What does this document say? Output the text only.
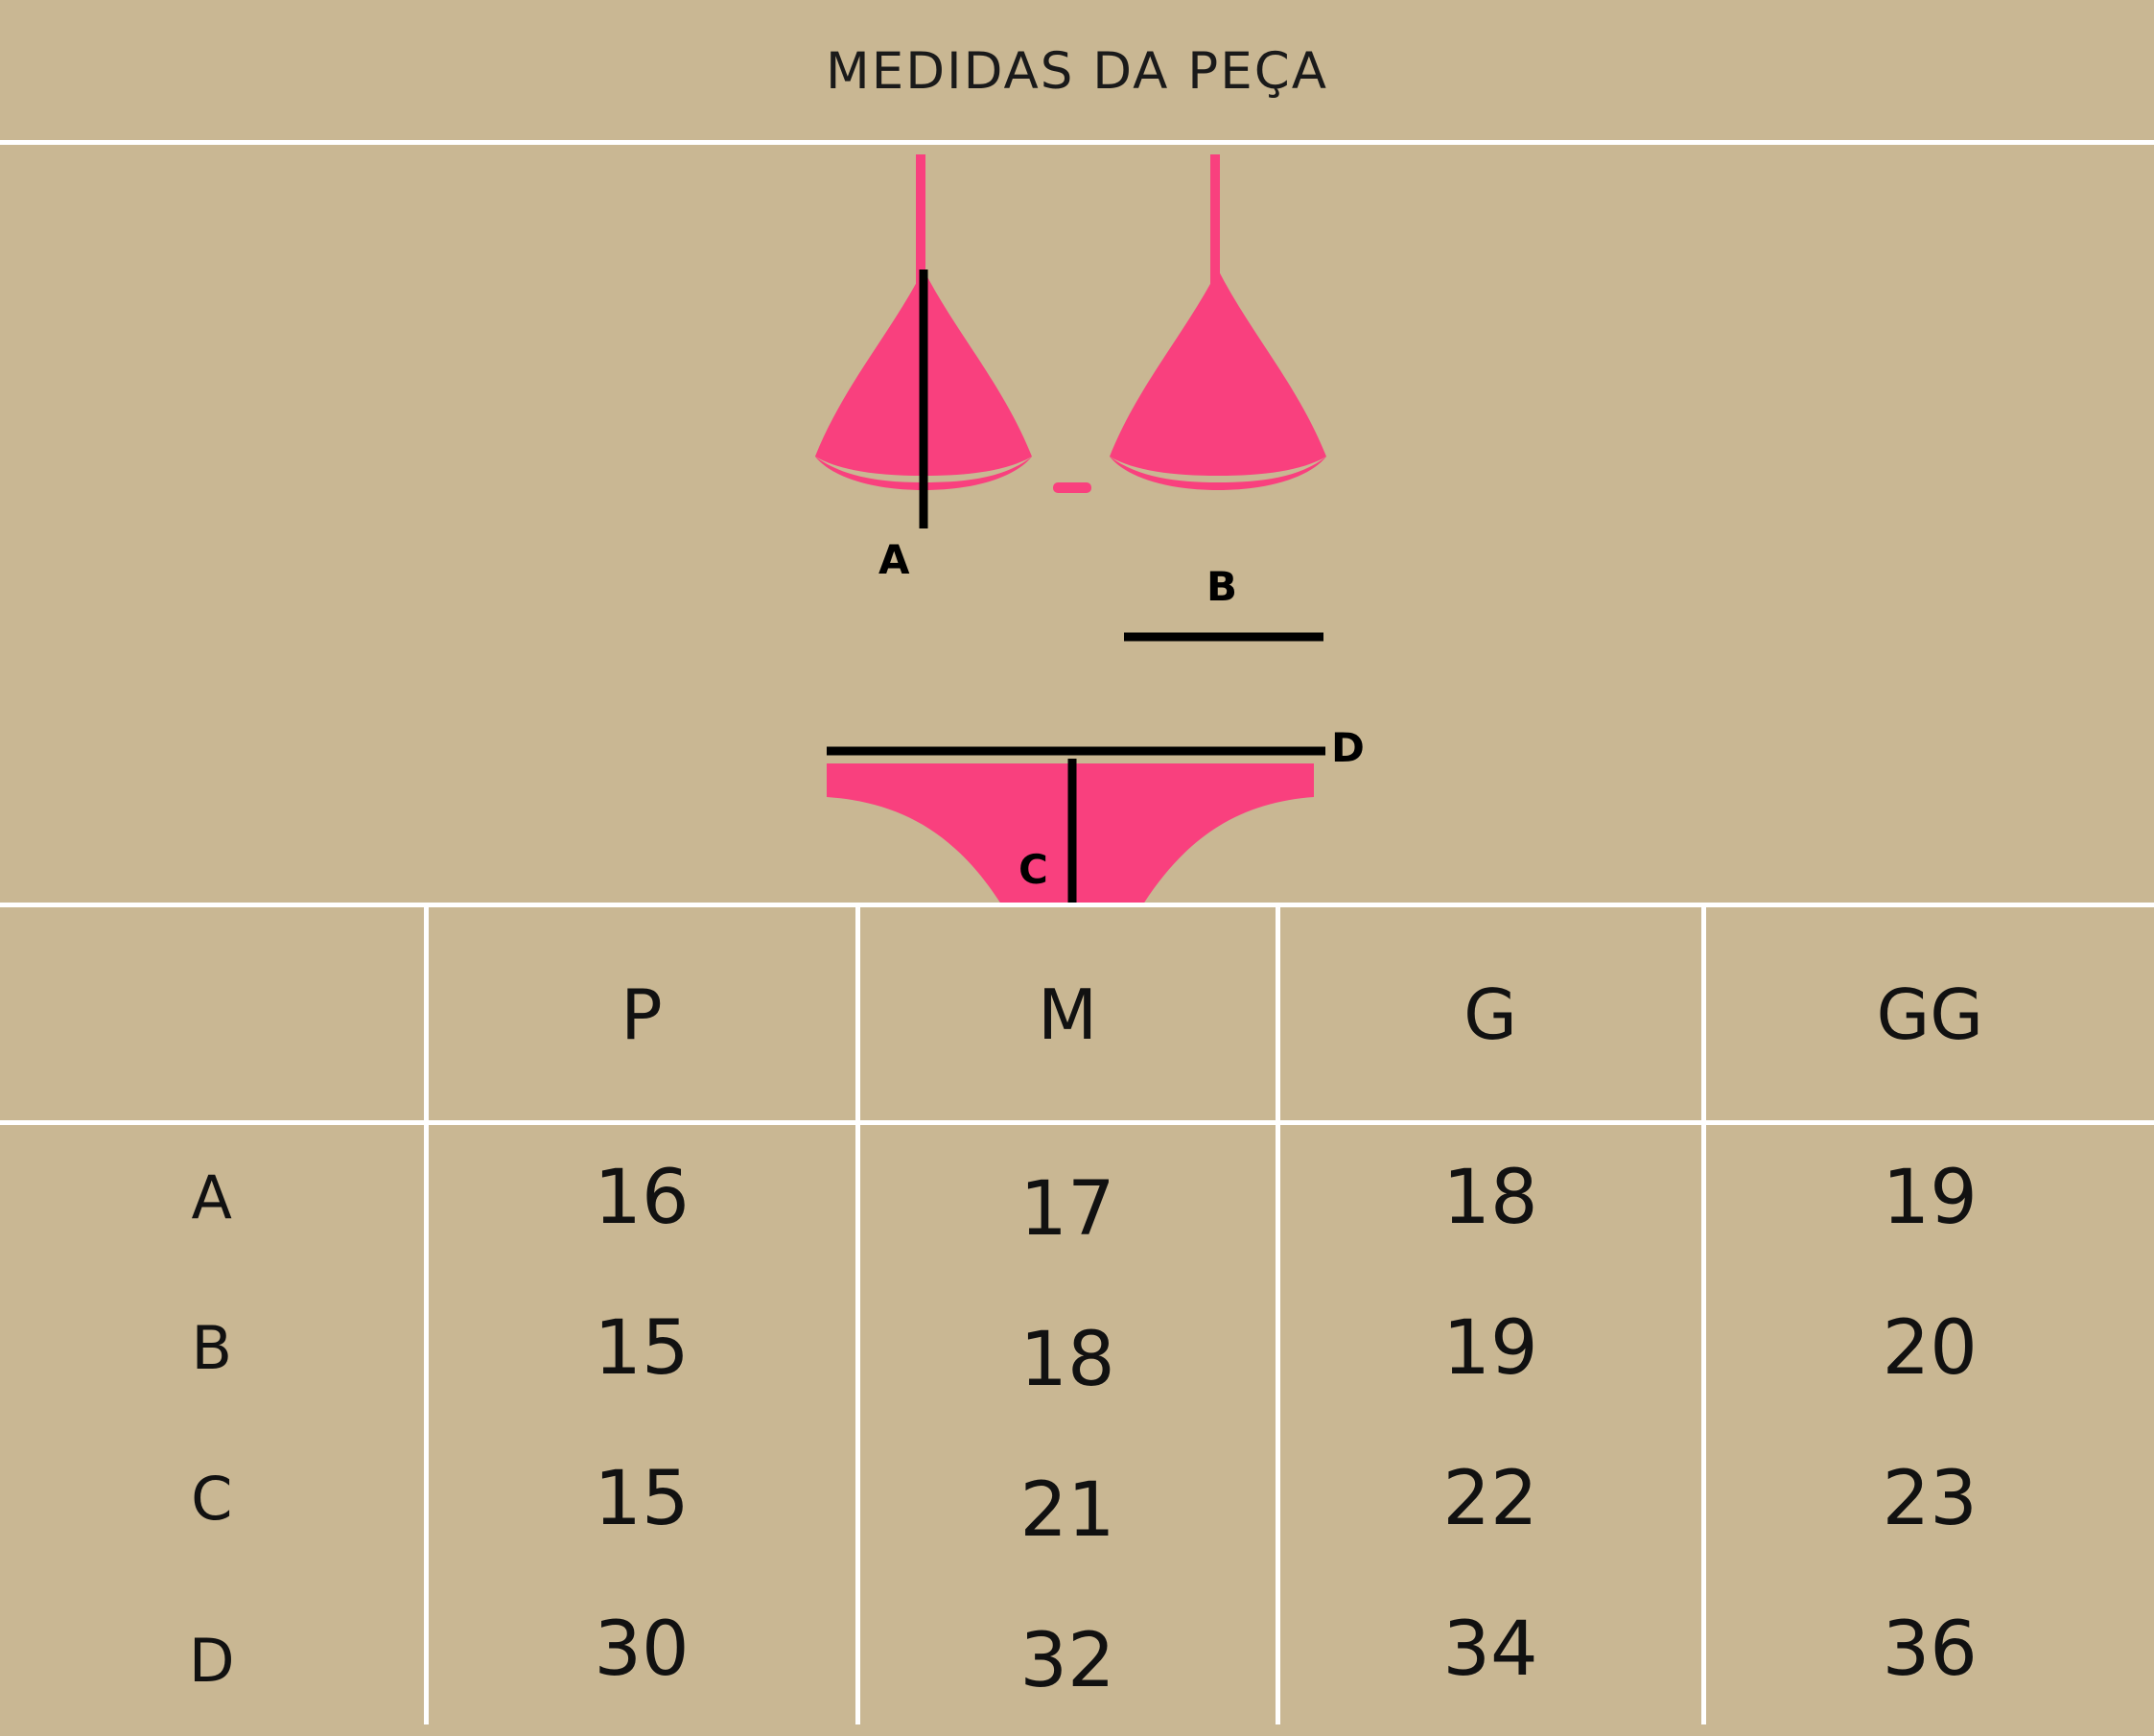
MEDIDAS DA PEÇA
A
B
C
D
	P	M	G	GG
A	16	17	18	19
B	15	18	19	20
C	15	21	22	23
D	30	32	34	36
